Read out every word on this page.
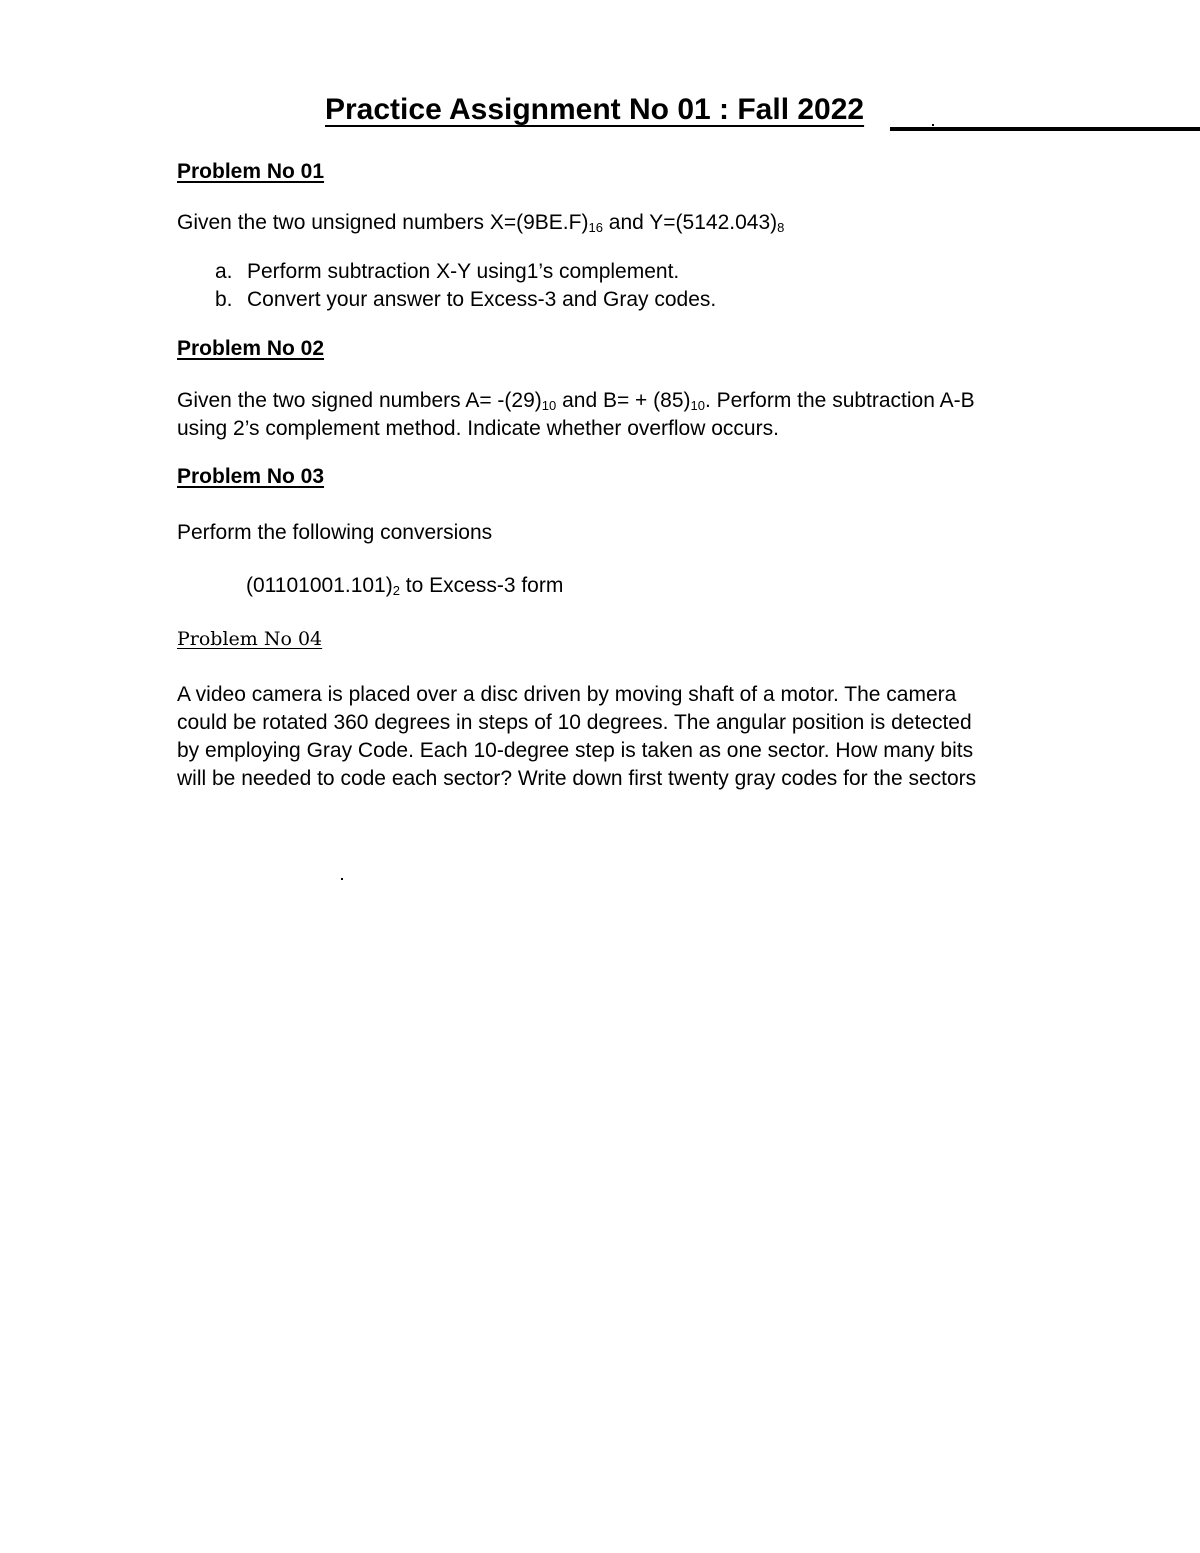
Practice Assignment No 01 : Fall 2022
Problem No 01
Given the two unsigned numbers $X=(9BE.F)_{16}$ and $Y=(5142.043)_8$
a. Perform subtraction X-Y using1’s complement.
b. Convert your answer to Excess-3 and Gray codes.
Problem No 02
Given the two signed numbers $A= -(29)_{10}$ and $B= + (85)_{10}$. Perform the subtraction A-B
using 2’s complement method. Indicate whether overflow occurs.
Problem No 03
Perform the following conversions
$(01101001.101)_2$ to Excess-3 form
Problem No 04
A video camera is placed over a disc driven by moving shaft of a motor. The camera
could be rotated 360 degrees in steps of 10 degrees. The angular position is detected
by employing Gray Code. Each 10-degree step is taken as one sector. How many bits
will be needed to code each sector? Write down first twenty gray codes for the sectors
